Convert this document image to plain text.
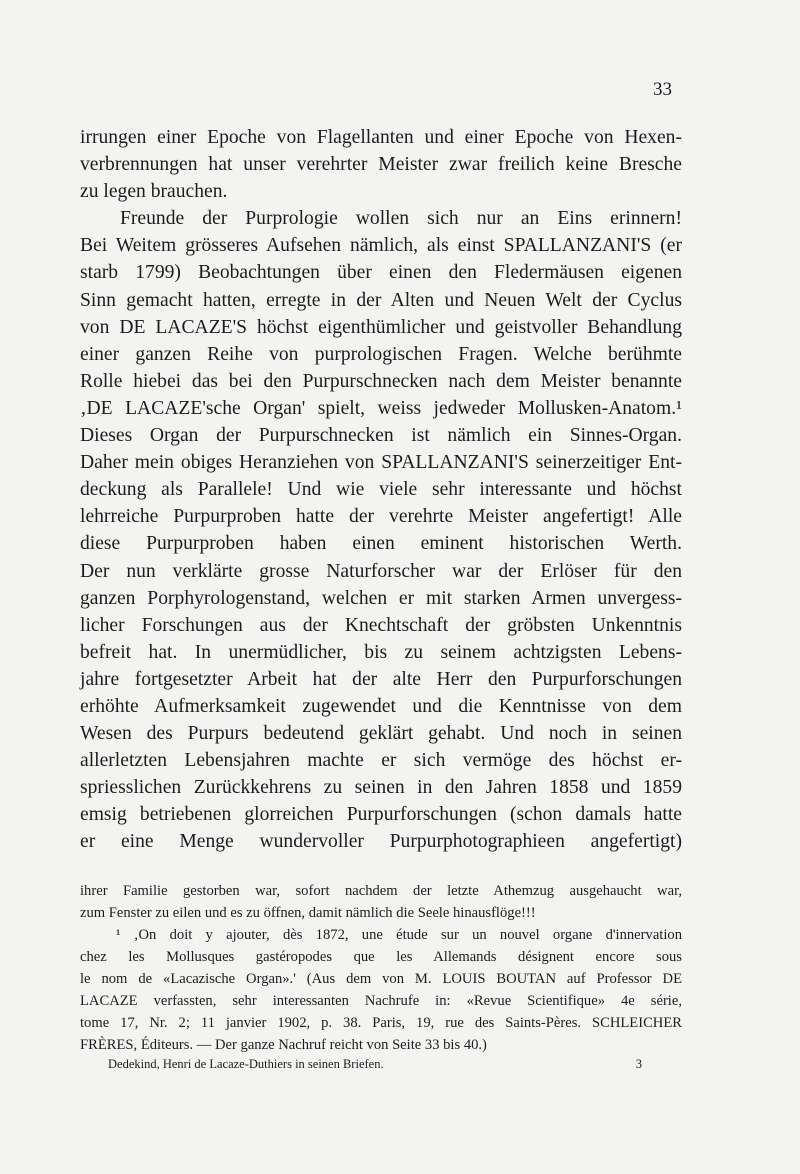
33
irrungen einer Epoche von Flagellanten und einer Epoche von Hexen-
verbrennungen hat unser verehrter Meister zwar freilich keine Bresche
zu legen brauchen.
Freunde der Purprologie wollen sich nur an Eins erinnern!
Bei Weitem grösseres Aufsehen nämlich, als einst SPALLANZANI'S (er
starb 1799) Beobachtungen über einen den Fledermäusen eigenen
Sinn gemacht hatten, erregte in der Alten und Neuen Welt der Cyclus
von DE LACAZE'S höchst eigenthümlicher und geistvoller Behandlung
einer ganzen Reihe von purprologischen Fragen. Welche berühmte
Rolle hiebei das bei den Purpurschnecken nach dem Meister benannte
‚DE LACAZE'sche Organ' spielt, weiss jedweder Mollusken-Anatom.¹
Dieses Organ der Purpurschnecken ist nämlich ein Sinnes-Organ.
Daher mein obiges Heranziehen von SPALLANZANI'S seinerzeitiger Ent-
deckung als Parallele! Und wie viele sehr interessante und höchst
lehrreiche Purpurproben hatte der verehrte Meister angefertigt! Alle
diese Purpurproben haben einen eminent historischen Werth.
Der nun verklärte grosse Naturforscher war der Erlöser für den
ganzen Porphyrologenstand, welchen er mit starken Armen unvergess-
licher Forschungen aus der Knechtschaft der gröbsten Unkenntnis
befreit hat. In unermüdlicher, bis zu seinem achtzigsten Lebens-
jahre fortgesetzter Arbeit hat der alte Herr den Purpurforschungen
erhöhte Aufmerksamkeit zugewendet und die Kenntnisse von dem
Wesen des Purpurs bedeutend geklärt gehabt. Und noch in seinen
allerletzten Lebensjahren machte er sich vermöge des höchst er-
spriesslichen Zurückkehrens zu seinen in den Jahren 1858 und 1859
emsig betriebenen glorreichen Purpurforschungen (schon damals hatte
er eine Menge wundervoller Purpurphotographieen angefertigt)
ihrer Familie gestorben war, sofort nachdem der letzte Athemzug ausgehaucht war,
zum Fenster zu eilen und es zu öffnen, damit nämlich die Seele hinausflöge!!!
¹ ‚On doit y ajouter, dès 1872, une étude sur un nouvel organe d'innervation
chez les Mollusques gastéropodes que les Allemands désignent encore sous
le nom de «Lacazische Organ».' (Aus dem von M. LOUIS BOUTAN auf Professor DE
LACAZE verfassten, sehr interessanten Nachrufe in: «Revue Scientifique» 4e série,
tome 17, Nr. 2; 11 janvier 1902, p. 38. Paris, 19, rue des Saints-Pères. SCHLEICHER
FRÈRES, Éditeurs. — Der ganze Nachruf reicht von Seite 33 bis 40.)
Dedekind, Henri de Lacaze-Duthiers in seinen Briefen.	3
